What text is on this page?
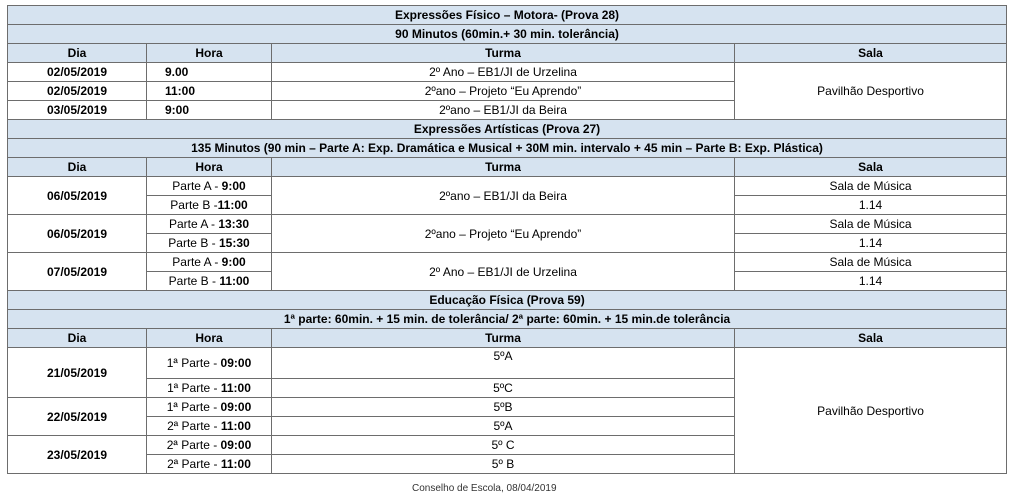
Expressões Físico – Motora- (Prova 28)			
90 Minutos (60min.+ 30 min. tolerância)			
Dia	Hora	Turma	Sala
02/05/2019	9.00	2º Ano – EB1/JI de Urzelina	Pavilhão Desportivo
02/05/2019	11:00	2ºano – Projeto “Eu Aprendo”	
03/05/2019	9:00	2ºano – EB1/JI da Beira	
Expressões Artísticas (Prova 27)			
135 Minutos (90 min – Parte A: Exp. Dramática e Musical + 30M min. intervalo + 45 min – Parte B: Exp. Plástica)			
Dia	Hora	Turma	Sala
06/05/2019	Parte A - 9:00	2ºano – EB1/JI da Beira	Sala de Música
	Parte B -11:00		1.14
06/05/2019	Parte A - 13:30	2ºano – Projeto “Eu Aprendo”	Sala de Música
	Parte B - 15:30		1.14
07/05/2019	Parte A - 9:00	2º Ano – EB1/JI de Urzelina	Sala de Música
	Parte B - 11:00		1.14
Educação Física (Prova 59)			
1ª parte: 60min. + 15 min. de tolerância/ 2ª parte: 60min. + 15 min.de tolerância			
Dia	Hora	Turma	Sala
21/05/2019	1ª Parte - 09:00	5ºA	Pavilhão Desportivo
	1ª Parte - 11:00	5ºC	
22/05/2019	1ª Parte - 09:00	5ºB	
	2ª Parte - 11:00	5ºA	
23/05/2019	2ª Parte - 09:00	5º C	
	2ª Parte - 11:00	5º B	
Conselho de Escola, 08/04/2019
